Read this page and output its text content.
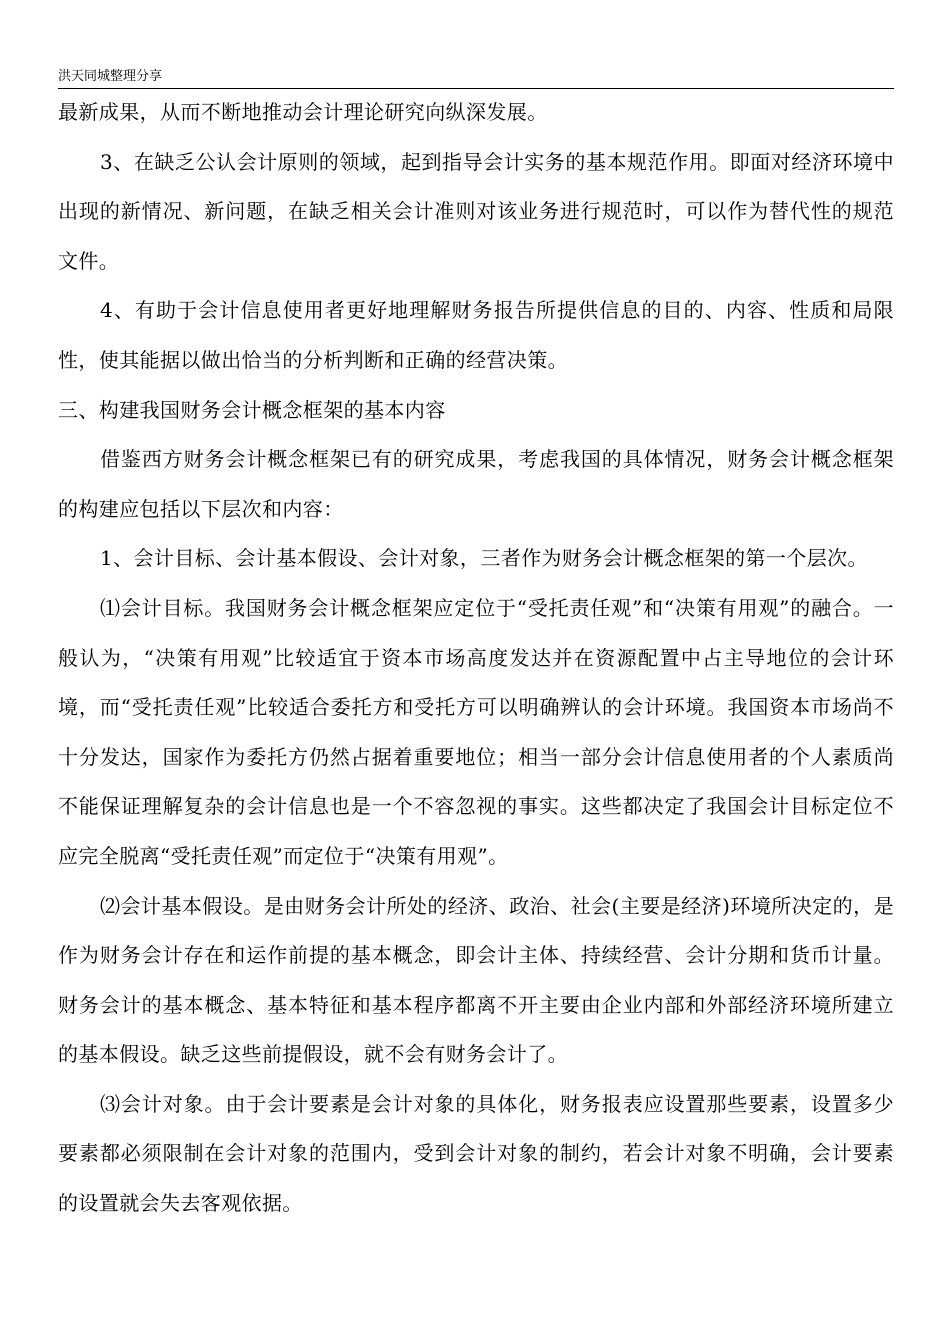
洪天同城整理分享

最新成果，从而不断地推动会计理论研究向纵深发展。

3、在缺乏公认会计原则的领域，起到指导会计实务的基本规范作用。即面对经济环境中出现的新情况、新问题，在缺乏相关会计准则对该业务进行规范时，可以作为替代性的规范文件。

4、有助于会计信息使用者更好地理解财务报告所提供信息的目的、内容、性质和局限性，使其能据以做出恰当的分析判断和正确的经营决策。

三、构建我国财务会计概念框架的基本内容

借鉴西方财务会计概念框架已有的研究成果，考虑我国的具体情况，财务会计概念框架的构建应包括以下层次和内容：

1、会计目标、会计基本假设、会计对象，三者作为财务会计概念框架的第一个层次。

⑴会计目标。我国财务会计概念框架应定位于“受托责任观”和“决策有用观”的融合。一般认为，“决策有用观”比较适宜于资本市场高度发达并在资源配置中占主导地位的会计环境，而“受托责任观”比较适合委托方和受托方可以明确辨认的会计环境。我国资本市场尚不十分发达，国家作为委托方仍然占据着重要地位；相当一部分会计信息使用者的个人素质尚不能保证理解复杂的会计信息也是一个不容忽视的事实。这些都决定了我国会计目标定位不应完全脱离“受托责任观”而定位于“决策有用观”。

⑵会计基本假设。是由财务会计所处的经济、政治、社会(主要是经济)环境所决定的，是作为财务会计存在和运作前提的基本概念，即会计主体、持续经营、会计分期和货币计量。财务会计的基本概念、基本特征和基本程序都离不开主要由企业内部和外部经济环境所建立的基本假设。缺乏这些前提假设，就不会有财务会计了。

⑶会计对象。由于会计要素是会计对象的具体化，财务报表应设置那些要素，设置多少要素都必须限制在会计对象的范围内，受到会计对象的制约，若会计对象不明确，会计要素的设置就会失去客观依据。
